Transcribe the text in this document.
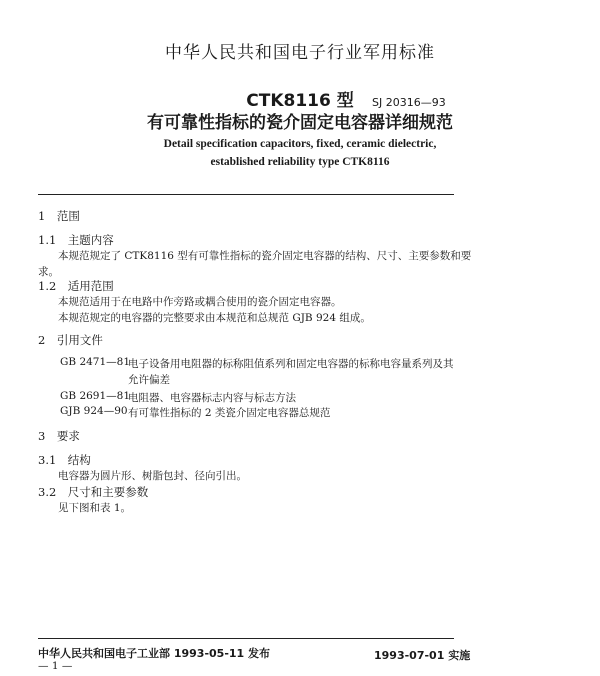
中华人民共和国电子行业军用标准
CTK8116 型
有可靠性指标的瓷介固定电容器详细规范
SJ 20316—93
Detail specification capacitors, fixed, ceramic dielectric,
established reliability type CTK8116
1　范围
1.1　主题内容
本规范规定了 CTK8116 型有可靠性指标的瓷介固定电容器的结构、尺寸、主要参数和要
求。
1.2　适用范围
本规范适用于在电路中作旁路或耦合使用的瓷介固定电容器。
本规范规定的电容器的完整要求由本规范和总规范 GJB 924 组成。
2　引用文件
GB 2471—81
电子设备用电阻器的标称阻值系列和固定电容器的标称电容量系列及其
允许偏差
GB 2691—81
电阻器、电容器标志内容与标志方法
GJB 924—90 有可靠性指标的 2 类瓷介固定电容器总规范
3　要求
3.1　结构
电容器为圆片形、树脂包封、径向引出。
3.2　尺寸和主要参数
见下图和表 1。
中华人民共和国电子工业部 1993-05-11 发布	1993-07-01 实施
— 1 —
